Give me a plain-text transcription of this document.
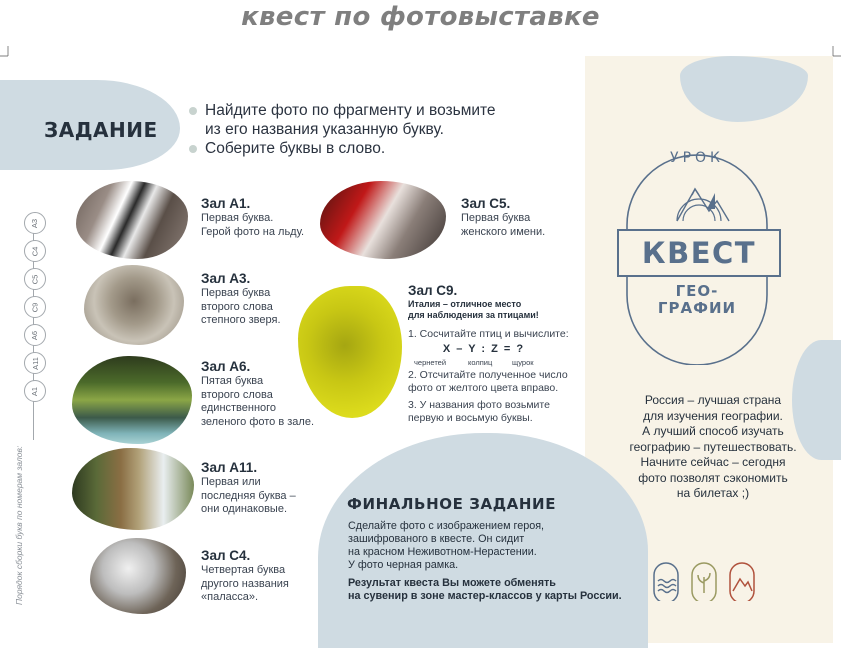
квест по фотовыставке
ЗАДАНИЕ
Найдите фото по фрагменту и возьмите
из его названия указанную букву.
Соберите буквы в слово.
Порядок сборки букв по номерам залов:
А3
С4
С5
С9
А6
А11
А1
Зал А1.
Первая буква.
Герой фото на льду.
Зал А3.
Первая буква
второго слова
степного зверя.
Зал А6.
Пятая буква
второго слова
единственного
зеленого фото в зале.
Зал А11.
Первая или
последняя буква –
они одинаковые.
Зал С4.
Четвертая буква
другого названия
«паласса».
Зал С5.
Первая буква
женского имени.
Зал С9.
Италия – отличное место
для наблюдения за птицами!
1. Сосчитайте птиц и вычислите:
X – Y : Z = ?
чернетей	колпиц	щурок
2. Отсчитайте полученное число
фото от желтого цвета вправо.
3. У названия фото возьмите
первую и восьмую буквы.
ФИНАЛЬНОЕ ЗАДАНИЕ
Сделайте фото с изображением героя,
зашифрованого в квесте. Он сидит
на красном Неживотном-Нерастении.
У фото черная рамка.
Результат квеста Вы можете обменять
на сувенир в зоне мастер-классов у карты России.
УРОК
КВЕСТ
ГЕО-
ГРАФИИ
Россия – лучшая страна
для изучения географии.
А лучший способ изучать
географию – путешествовать.
Начните сейчас – сегодня
фото позволят сэкономить
на билетах ;)
